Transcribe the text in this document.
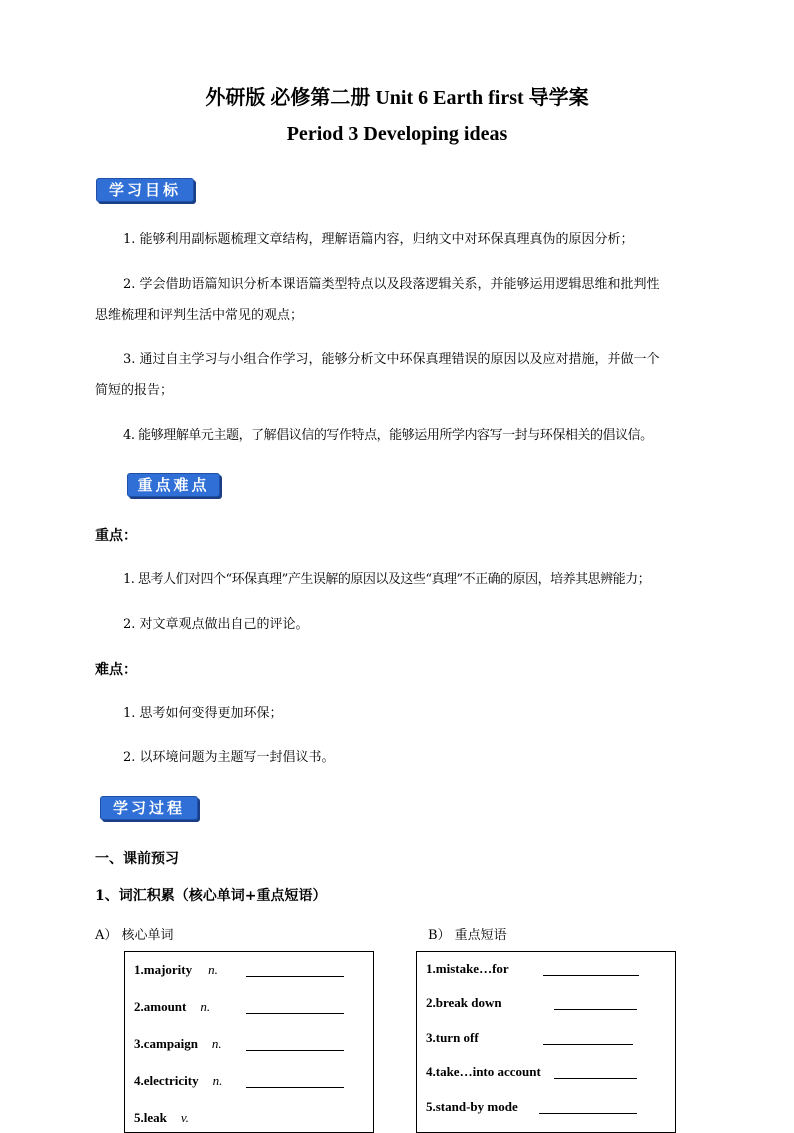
外研版 必修第二册 Unit 6 Earth first 导学案
Period 3 Developing ideas
学习目标
1. 能够利用副标题梳理文章结构，理解语篇内容，归纳文中对环保真理真伪的原因分析；
2. 学会借助语篇知识分析本课语篇类型特点以及段落逻辑关系，并能够运用逻辑思维和批判性
思维梳理和评判生活中常见的观点；
3. 通过自主学习与小组合作学习，能够分析文中环保真理错误的原因以及应对措施，并做一个
简短的报告；
4. 能够理解单元主题，了解倡议信的写作特点，能够运用所学内容写一封与环保相关的倡议信。
重点难点
重点：
1. 思考人们对四个“环保真理”产生误解的原因以及这些“真理”不正确的原因，培养其思辨能力；
2. 对文章观点做出自己的评论。
难点：
1. 思考如何变得更加环保；
2. 以环境问题为主题写一封倡议书。
学习过程
一、课前预习
1、词汇积累（核心单词+重点短语）
A） 核心单词	B） 重点短语
1.majority n.
2.amount n.
3.campaign n.
4.electricity n.
5.leak v.
1.mistake…for
2.break down
3.turn off
4.take…into account
5.stand-by mode
